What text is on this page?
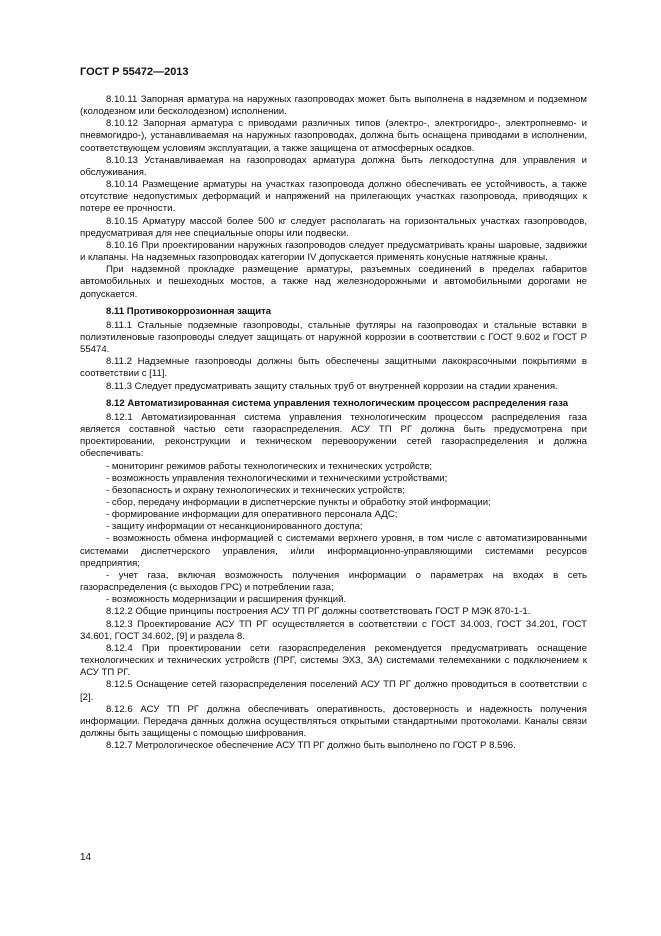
ГОСТ Р 55472—2013

8.10.11 Запорная арматура на наружных газопроводах может быть выполнена в надземном и подземном (колодезном или бесколодезном) исполнении.

8.10.12 Запорная арматура с приводами различных типов (электро-, электрогидро-, электропневмо- и пневмогидро-), устанавливаемая на наружных газопроводах, должна быть оснащена приводами в исполнении, соответствующем условиям эксплуатации, а также защищена от атмосферных осадков.

8.10.13 Устанавливаемая на газопроводах арматура должна быть легкодоступна для управления и обслуживания.

8.10.14 Размещение арматуры на участках газопровода должно обеспечивать ее устойчивость, а также отсутствие недопустимых деформаций и напряжений на прилегающих участках газопровода, приводящих к потере ее прочности.

8.10.15 Арматуру массой более 500 кг следует располагать на горизонтальных участках газопроводов, предусматривая для нее специальные опоры или подвески.

8.10.16 При проектировании наружных газопроводов следует предусматривать краны шаровые, задвижки и клапаны. На надземных газопроводах категории IV допускается применять конусные натяжные краны.

При надземной прокладке размещение арматуры, разъемных соединений в пределах габаритов автомобильных и пешеходных мостов, а также над железнодорожными и автомобильными дорогами не допускается.

8.11 Противокоррозионная защита

8.11.1 Стальные подземные газопроводы, стальные футляры на газопроводах и стальные вставки в полиэтиленовые газопроводы следует защищать от наружной коррозии в соответствии с ГОСТ 9.602 и ГОСТ Р 55474.

8.11.2 Надземные газопроводы должны быть обеспечены защитными лакокрасочными покрытиями в соответствии с [11].

8.11.3 Следует предусматривать защиту стальных труб от внутренней коррозии на стадии хранения.

8.12 Автоматизированная система управления технологическим процессом распределения газа

8.12.1 Автоматизированная система управления технологическим процессом распределения газа является составной частью сети газораспределения. АСУ ТП РГ должна быть предусмотрена при проектировании, реконструкции и техническом перевооружении сетей газораспределения и должна обеспечивать:

- мониторинг режимов работы технологических и технических устройств;

- возможность управления технологическими и техническими устройствами;

- безопасность и охрану технологических и технических устройств;

- сбор, передачу информации в диспетчерские пункты и обработку этой информации;

- формирование информации для оперативного персонала АДС;

- защиту информации от несанкционированного доступа;

- возможность обмена информацией с системами верхнего уровня, в том числе с автоматизированными системами диспетчерского управления, и/или информационно-управляющими системами ресурсов предприятия;

- учет газа, включая возможность получения информации о параметрах на входах в сеть газораспределения (с выходов ГРС) и потреблении газа;

- возможность модернизации и расширения функций.

8.12.2 Общие принципы построения АСУ ТП РГ должны соответствовать ГОСТ Р МЭК 870-1-1.

8.12.3 Проектирование АСУ ТП РГ осуществляется в соответствии с ГОСТ 34.003, ГОСТ 34.201, ГОСТ 34.601, ГОСТ 34.602, [9] и раздела 8.

8.12.4 При проектировании сети газораспределения рекомендуется предусматривать оснащение технологических и технических устройств (ПРГ, системы ЭХЗ, ЗА) системами телемеханики с подключением к АСУ ТП РГ.

8.12.5 Оснащение сетей газораспределения поселений АСУ ТП РГ должно проводиться в соответствии с [2].

8.12.6 АСУ ТП РГ должна обеспечивать оперативность, достоверность и надежность получения информации. Передача данных должна осуществляться открытыми стандартными протоколами. Каналы связи должны быть защищены с помощью шифрования.

8.12.7 Метрологическое обеспечение АСУ ТП РГ должно быть выполнено по ГОСТ Р 8.596.

14
